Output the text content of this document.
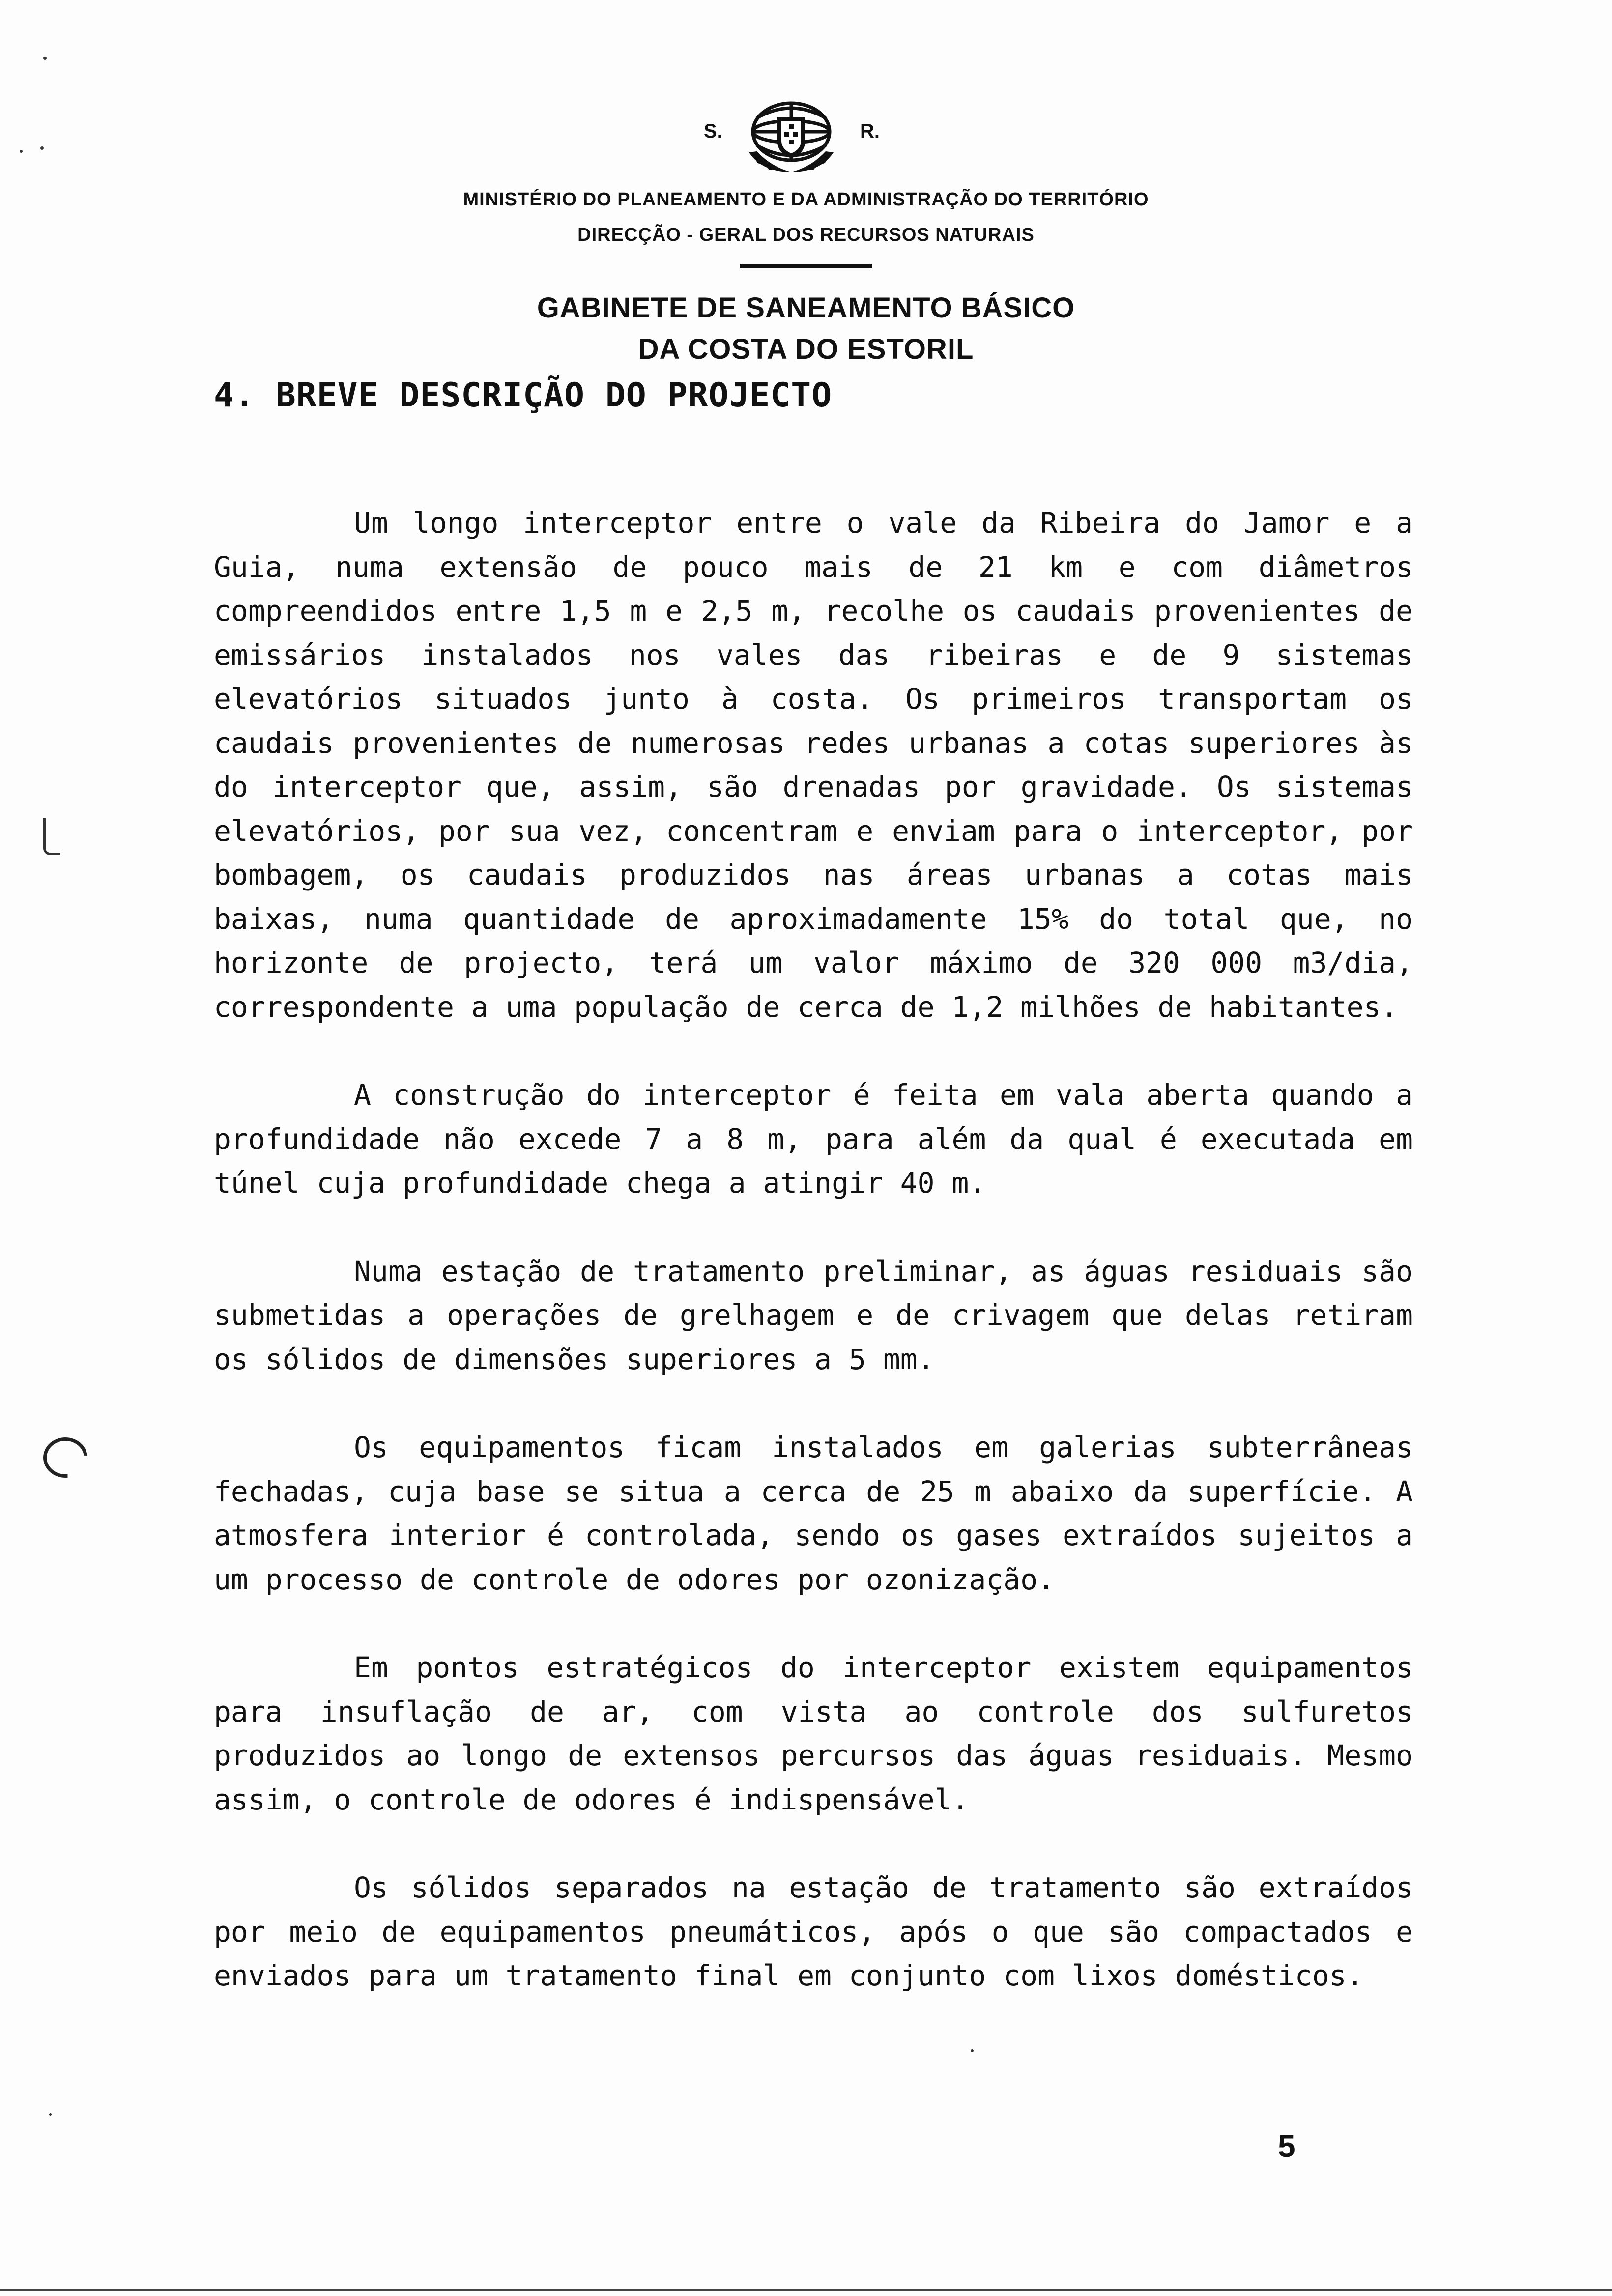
S.	R.
MINISTÉRIO DO PLANEAMENTO E DA ADMINISTRAÇÃO DO TERRITÓRIO
DIRECÇÃO - GERAL DOS RECURSOS NATURAIS
GABINETE DE SANEAMENTO BÁSICO
DA COSTA DO ESTORIL
4. BREVE DESCRIÇÃO DO PROJECTO

Um longo interceptor entre o vale da Ribeira do Jamor e a Guia, numa extensão de pouco mais de 21 km e com diâmetros compreendidos entre 1,5 m e 2,5 m, recolhe os caudais provenientes de emissários instalados nos vales das ribeiras e de 9 sistemas elevatórios situados junto à costa. Os primeiros transportam os caudais provenientes de numerosas redes urbanas a cotas superiores às do interceptor que, assim, são drenadas por gravidade. Os sistemas elevatórios, por sua vez, concentram e enviam para o interceptor, por bombagem, os caudais produzidos nas áreas urbanas a cotas mais baixas, numa quantidade de aproximadamente 15% do total que, no horizonte de projecto, terá um valor máximo de 320 000 m3/dia, correspondente a uma população de cerca de 1,2 milhões de habitantes.

A construção do interceptor é feita em vala aberta quando a profundidade não excede 7 a 8 m, para além da qual é executada em túnel cuja profundidade chega a atingir 40 m.

Numa estação de tratamento preliminar, as águas residuais são submetidas a operações de grelhagem e de crivagem que delas retiram os sólidos de dimensões superiores a 5 mm.

Os equipamentos ficam instalados em galerias subterrâneas fechadas, cuja base se situa a cerca de 25 m abaixo da superfície. A atmosfera interior é controlada, sendo os gases extraídos sujeitos a um processo de controle de odores por ozonização.

Em pontos estratégicos do interceptor existem equipamentos para insuflação de ar, com vista ao controle dos sulfuretos produzidos ao longo de extensos percursos das águas residuais. Mesmo assim, o controle de odores é indispensável.

Os sólidos separados na estação de tratamento são extraídos por meio de equipamentos pneumáticos, após o que são compactados e enviados para um tratamento final em conjunto com lixos domésticos.

5
